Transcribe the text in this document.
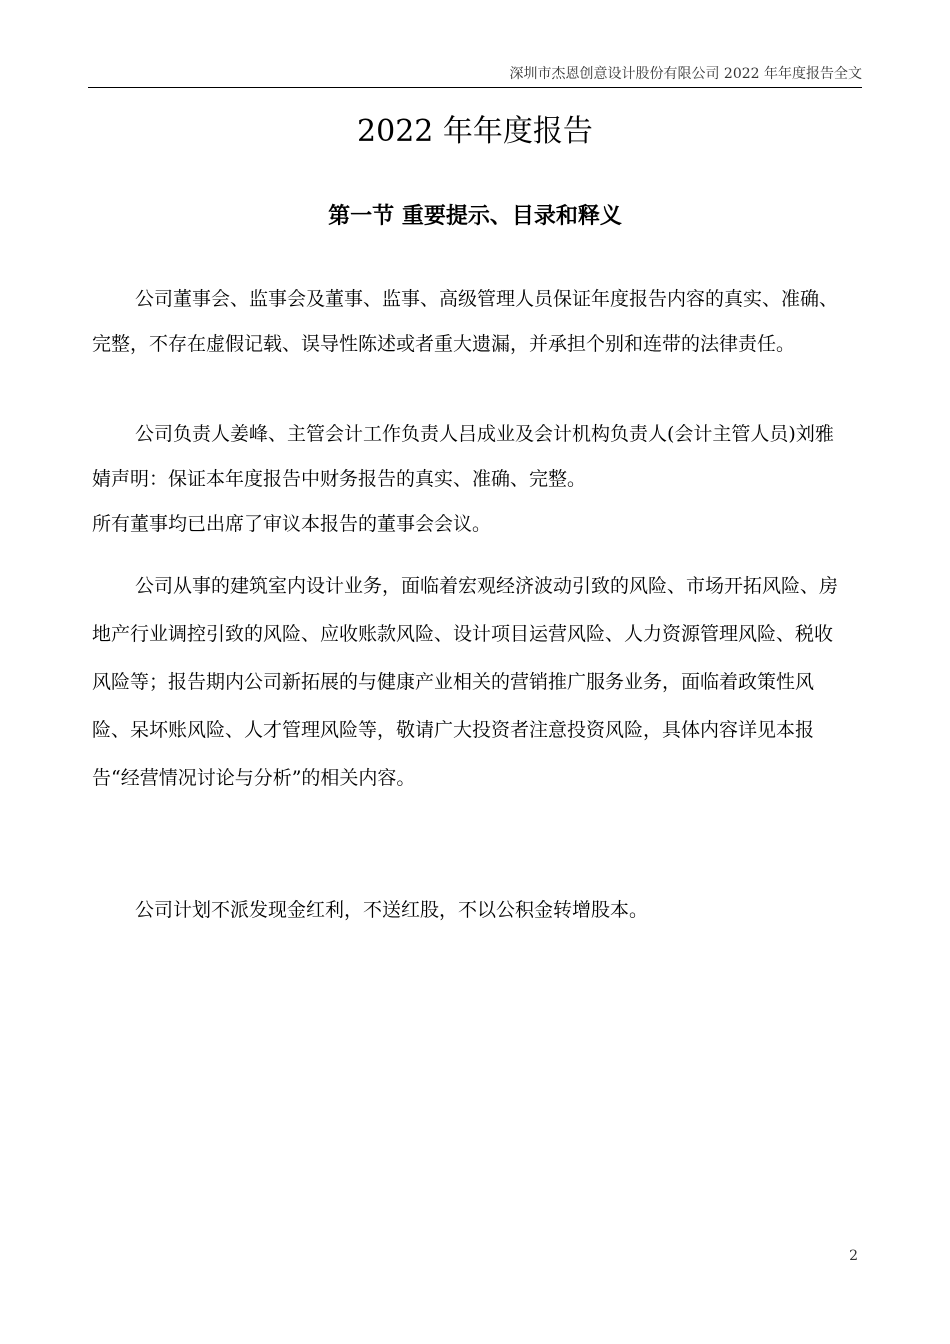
深圳市杰恩创意设计股份有限公司 2022 年年度报告全文
2022 年年度报告
第一节 重要提示、目录和释义

公司董事会、监事会及董事、监事、高级管理人员保证年度报告内容的真实、准确、完整，不存在虚假记载、误导性陈述或者重大遗漏，并承担个别和连带的法律责任。

公司负责人姜峰、主管会计工作负责人吕成业及会计机构负责人(会计主管人员)刘雅婧声明：保证本年度报告中财务报告的真实、准确、完整。

所有董事均已出席了审议本报告的董事会会议。

公司从事的建筑室内设计业务，面临着宏观经济波动引致的风险、市场开拓风险、房地产行业调控引致的风险、应收账款风险、设计项目运营风险、人力资源管理风险、税收风险等；报告期内公司新拓展的与健康产业相关的营销推广服务业务，面临着政策性风险、呆坏账风险、人才管理风险等，敬请广大投资者注意投资风险，具体内容详见本报告“经营情况讨论与分析”的相关内容。

公司计划不派发现金红利，不送红股，不以公积金转增股本。

2
